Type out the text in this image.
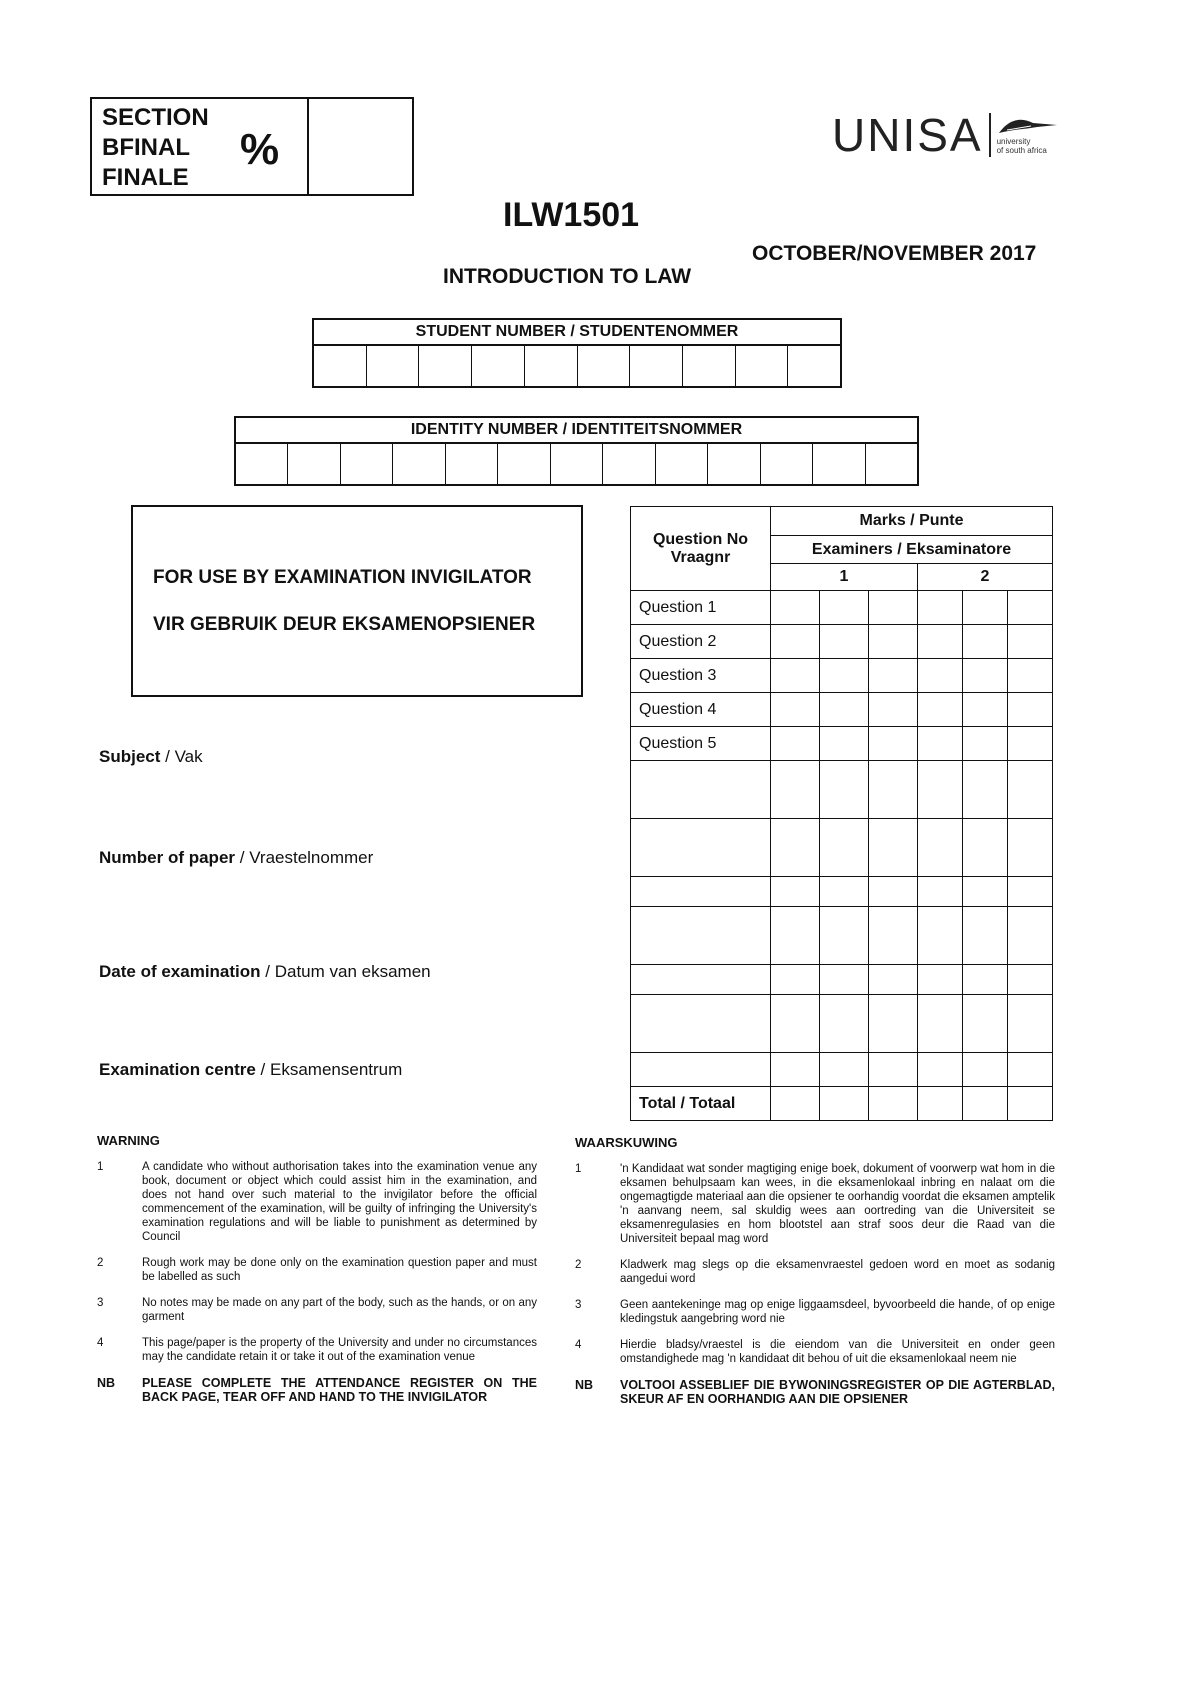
SECTION
BFINAL
FINALE
%	UNISA university
of south africa
ILW1501
OCTOBER/NOVEMBER 2017
INTRODUCTION TO LAW
STUDENT NUMBER / STUDENTENOMMER
IDENTITY NUMBER / IDENTITEITSNOMMER

FOR USE BY EXAMINATION INVIGILATOR

VIR GEBRUIK DEUR EKSAMENOPSIENER

Subject / Vak
Number of paper / Vraestelnommer
Date of examination / Datum van eksamen
Examination centre / Eksamensentrum
Question No Vraagnr	Marks / Punte					
	Examiners / Eksaminatore					
	1			2		
Question 1						
Question 2						
Question 3						
Question 4						
Question 5						

Total / Totaal						
WARNING
1	A candidate who without authorisation takes into the examination venue any book, document or object which could assist him in the examination, and does not hand over such material to the invigilator before the official commencement of the examination, will be guilty of infringing the University's examination regulations and will be liable to punishment as determined by Council
2	Rough work may be done only on the examination question paper and must be labelled as such
3	No notes may be made on any part of the body, such as the hands, or on any garment
4	This page/paper is the property of the University and under no circumstances may the candidate retain it or take it out of the examination venue
NB	PLEASE COMPLETE THE ATTENDANCE REGISTER ON THE BACK PAGE, TEAR OFF AND HAND TO THE INVIGILATOR
WAARSKUWING
1	'n Kandidaat wat sonder magtiging enige boek, dokument of voorwerp wat hom in die eksamen behulpsaam kan wees, in die eksamenlokaal inbring en nalaat om die ongemagtigde materiaal aan die opsiener te oorhandig voordat die eksamen amptelik 'n aanvang neem, sal skuldig wees aan oortreding van die Universiteit se eksamenregulasies en hom blootstel aan straf soos deur die Raad van die Universiteit bepaal mag word
2	Kladwerk mag slegs op die eksamenvraestel gedoen word en moet as sodanig aangedui word
3	Geen aantekeninge mag op enige liggaamsdeel, byvoorbeeld die hande, of op enige kledingstuk aangebring word nie
4	Hierdie bladsy/vraestel is die eiendom van die Universiteit en onder geen omstandighede mag 'n kandidaat dit behou of uit die eksamenlokaal neem nie
NB	VOLTOOI ASSEBLIEF DIE BYWONINGSREGISTER OP DIE AGTERBLAD, SKEUR AF EN OORHANDIG AAN DIE OPSIENER
